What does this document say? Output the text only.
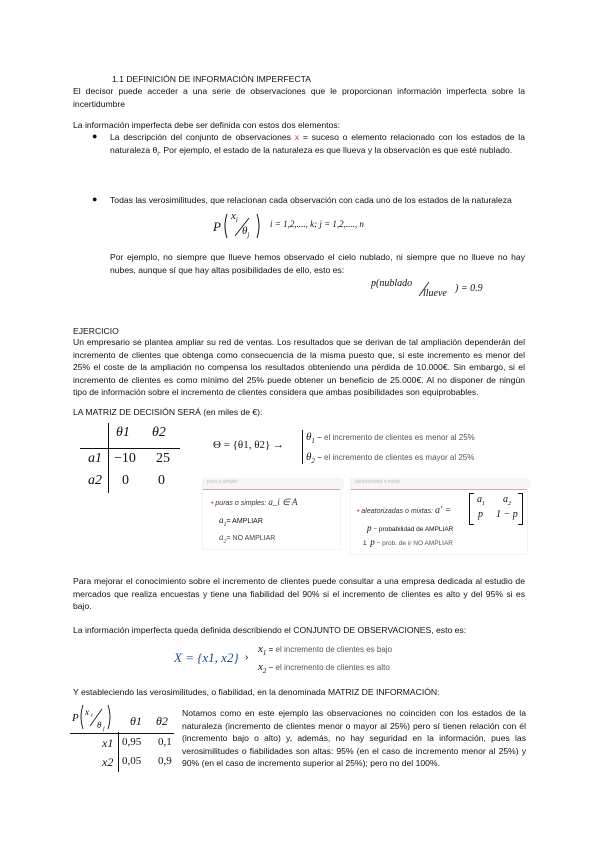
1.1 DEFINICIÓN DE INFORMACIÓN IMPERFECTA
El decisor puede acceder a una serie de observaciones que le proporcionan información imperfecta sobre la incertidumbre
La información imperfecta debe ser definida con estos dos elementos:
● La descripción del conjunto de observaciones x = suceso o elemento relacionado con los estados de la naturaleza $\theta_i$. Por ejemplo, el estado de la naturaleza es que llueva y la observación es que esté nublado.
● Todas las verosimilitudes, que relacionan cada observación con cada uno de los estados de la naturaleza
P
$x_i$
$\theta_j$
i = 1,2,...., k; j = 1,2,...., n
Por ejemplo, no siempre que llueve hemos observado el cielo nublado, ni siempre que no llueve no hay nubes, aunque sí que hay altas posibilidades de ello, esto es:
p(nublado
llueve ) = 0.9
EJERCICIO
Un empresario se plantea ampliar su red de ventas. Los resultados que se derivan de tal ampliación dependerán del incremento de clientes que obtenga como consecuencia de la misma puesto que, si este incremento es menor del 25% el coste de la ampliación no compensa los resultados obteniendo una pérdida de 10.000€. Sin embargo, si el incremento de clientes es como mínimo del 25% puede obtener un beneficio de 25.000€. Al no disponer de ningún tipo de información sobre el incremento de clientes considera que ambas posibilidades son equiprobables.
LA MATRIZ DE DECISIÓN SERÁ (en miles de €):
θ1 θ2
a1 −10 25
a2 0 0
Θ = {θ1, θ2} →
$\theta_1$ − el incremento de clientes es menor al 25%
$\theta_2$ − el incremento de clientes es mayor al 25%
pura o simple
• puras o simples: a_i ∈ A
$a_1=$ AMPLIAR
$a_2=$ NO AMPLIAR
aleatorizada o mixta
• aleatorizadas o mixtas: a' =
$a_1$ $a_2$
p 1 − p
p − probabilidad de AMPLIAR
1 p − prob. de ir NO AMPLIAR
Para mejorar el conocimiento sobre el incremento de clientes puede consultar a una empresa dedicada al estudio de mercados que realiza encuestas y tiene una fiabilidad del 90% si el incremento de clientes es alto y del 95% si es bajo.
La información imperfecta queda definida describiendo el CONJUNTO DE OBSERVACIONES, esto es:
X = {x1, x2} ›
$x_1$ = el incremento de clientes es bajo
$x_2$ − el incremento de clientes es alto
Y estableciendo las verosimilitudes, o fiabilidad, en la denominada MATRIZ DE INFORMACIÓN:
P x i
θ j
θ1 θ2
x1 0,95 0,1
x2 0,05 0,9
Notamos como en este ejemplo las observaciones no coinciden con los estados de la naturaleza (incremento de clientes menor o mayor al 25%) pero sí tienen relación con él (incremento bajo o alto) y, además, no hay seguridad en la información, pues las verosimilitudes o fiabilidades son altas: 95% (en el caso de incremento menor al 25%) y 90% (en el caso de incremento superior al 25%); pero no del 100%.
